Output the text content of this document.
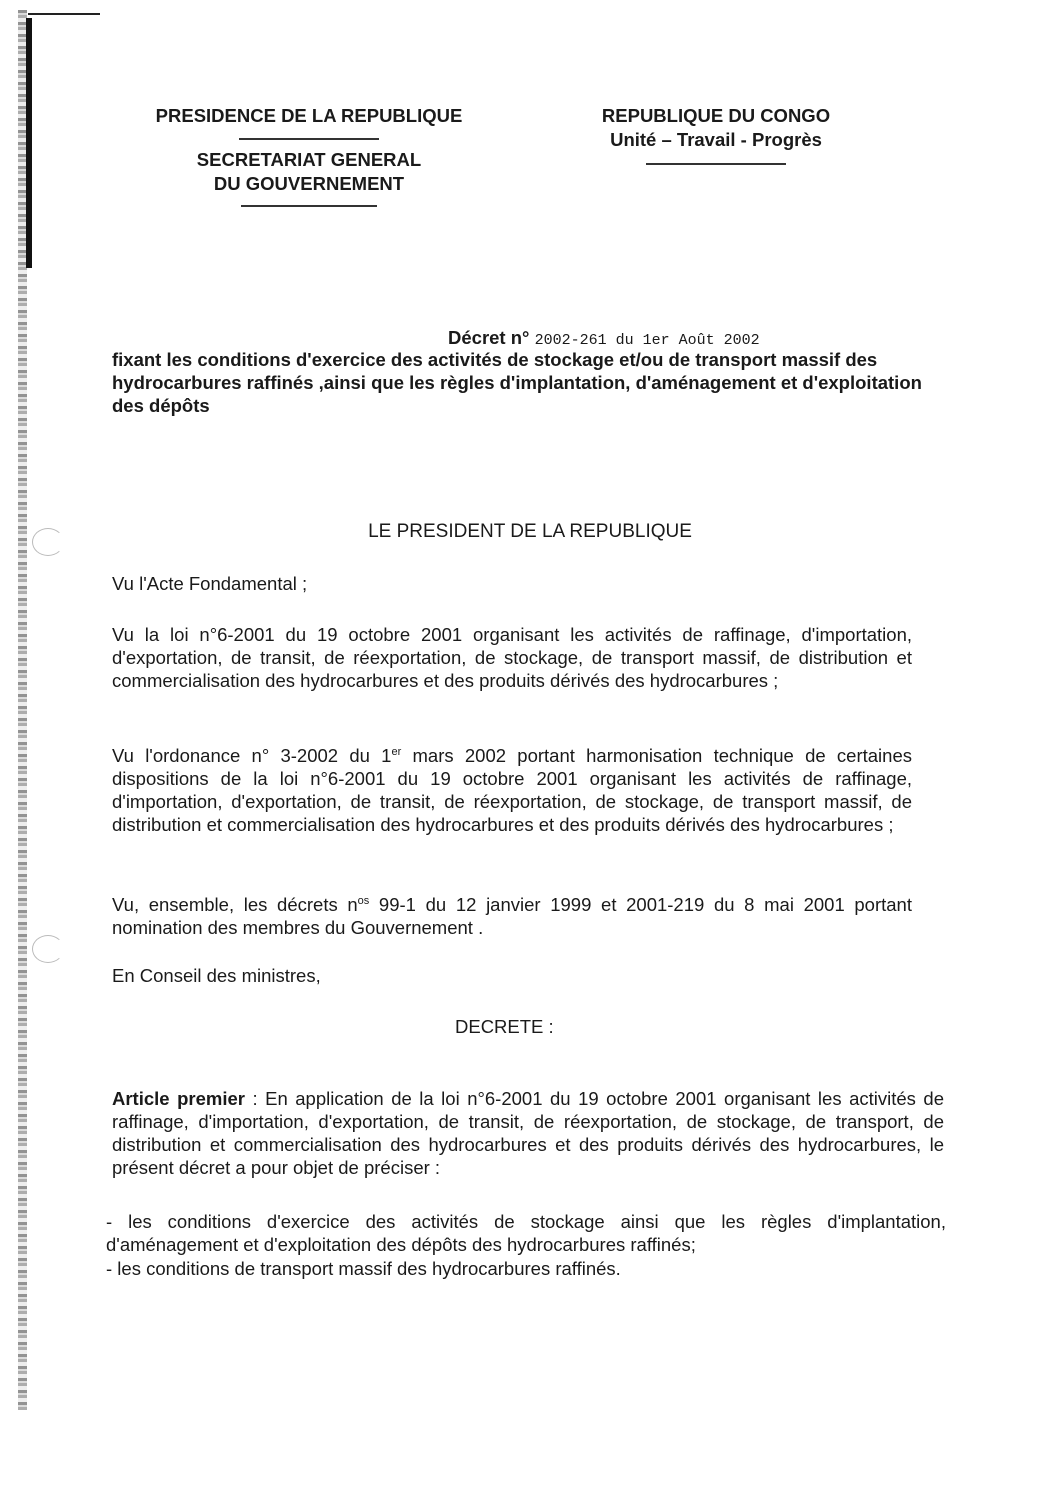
PRESIDENCE DE LA REPUBLIQUE
SECRETARIAT GENERAL
DU GOUVERNEMENT
REPUBLIQUE DU CONGO
Unité – Travail - Progrès
Décret n° 2002-261 du 1er Août 2002
fixant les conditions d'exercice des activités de stockage et/ou de transport massif des hydrocarbures raffinés ,ainsi que les règles d'implantation, d'aménagement et d'exploitation des dépôts
LE PRESIDENT DE LA REPUBLIQUE
Vu l'Acte Fondamental ;
Vu la loi n°6-2001 du 19 octobre 2001 organisant les activités de raffinage, d'importation, d'exportation, de transit, de réexportation, de stockage, de transport massif, de distribution et commercialisation des hydrocarbures et des produits dérivés des hydrocarbures ;
Vu l'ordonance n° 3-2002 du 1er mars 2002 portant harmonisation technique de certaines dispositions de la loi n°6-2001 du 19 octobre 2001 organisant les activités de raffinage, d'importation, d'exportation, de transit, de réexportation, de stockage, de transport massif, de distribution et commercialisation des hydrocarbures et des produits dérivés des hydrocarbures ;
Vu, ensemble, les décrets $n^{os}$ 99-1 du 12 janvier 1999 et 2001-219 du 8 mai 2001 portant nomination des membres du Gouvernement .
En Conseil des ministres,
DECRETE :
Article premier : En application de la loi n°6-2001 du 19 octobre 2001 organisant les activités de raffinage, d'importation, d'exportation, de transit, de réexportation, de stockage, de transport, de distribution et commercialisation des hydrocarbures et des produits dérivés des hydrocarbures, le présent décret a pour objet de préciser :
- les conditions d'exercice des activités de stockage ainsi que les règles d'implantation, d'aménagement et d'exploitation des dépôts des hydrocarbures raffinés;
- les conditions de transport massif des hydrocarbures raffinés.
